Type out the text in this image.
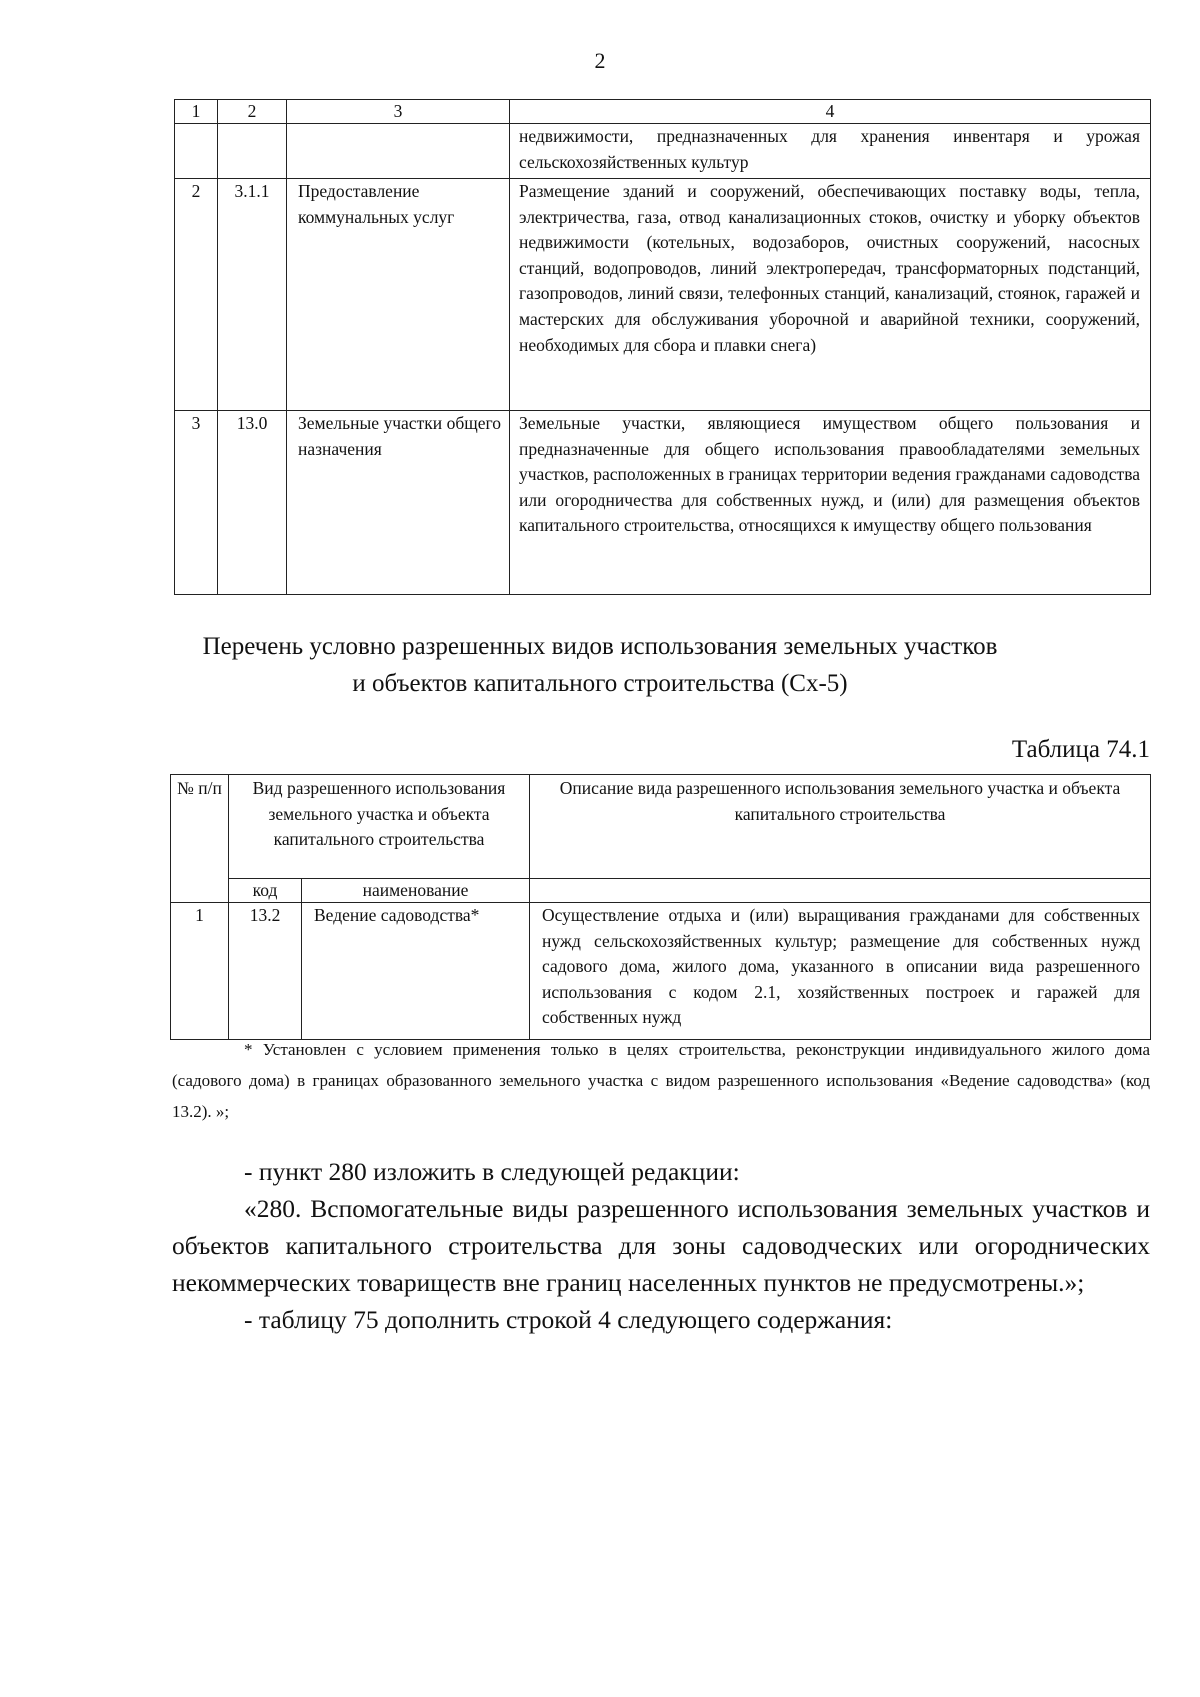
2
1	2	3	4
			недвижимости, предназначенных для хранения инвентаря и урожая сельскохозяйственных культур
2	3.1.1	Предоставление коммунальных услуг	Размещение зданий и сооружений, обеспечивающих поставку воды, тепла, электричества, газа, отвод канализационных стоков, очистку и уборку объектов недвижимости (котельных, водозаборов, очистных сооружений, насосных станций, водопроводов, линий электропередач, трансформаторных подстанций, газопроводов, линий связи, телефонных станций, канализаций, стоянок, гаражей и мастерских для обслуживания уборочной и аварийной техники, сооружений, необходимых для сбора и плавки снега)
3	13.0	Земельные участки общего назначения	Земельные участки, являющиеся имуществом общего пользования и предназначенные для общего использования правообладателями земельных участков, расположенных в границах территории ведения гражданами садоводства или огородничества для собственных нужд, и (или) для размещения объектов капитального строительства, относящихся к имуществу общего пользования
Перечень условно разрешенных видов использования земельных участков
и объектов капитального строительства (Сх-5)
Таблица 74.1
№ п/п	Вид разрешенного использования земельного участка и объекта капитального строительства		Описание вида разрешенного использования земельного участка и объекта капитального строительства
	код	наименование	
1	13.2	Ведение садоводства*	Осуществление отдыха и (или) выращивания гражданами для собственных нужд сельскохозяйственных культур; размещение для собственных нужд садового дома, жилого дома, указанного в описании вида разрешенного использования с кодом 2.1, хозяйственных построек и гаражей для собственных нужд
* Установлен с условием применения только в целях строительства, реконструкции индивидуального жилого дома (садового дома) в границах образованного земельного участка с видом разрешенного использования «Ведение садоводства» (код 13.2). »;

- пункт 280 изложить в следующей редакции:

«280. Вспомогательные виды разрешенного использования земельных участков и объектов капитального строительства для зоны садоводческих или огороднических некоммерческих товариществ вне границ населенных пунктов не предусмотрены.»;

- таблицу 75 дополнить строкой 4 следующего содержания:
